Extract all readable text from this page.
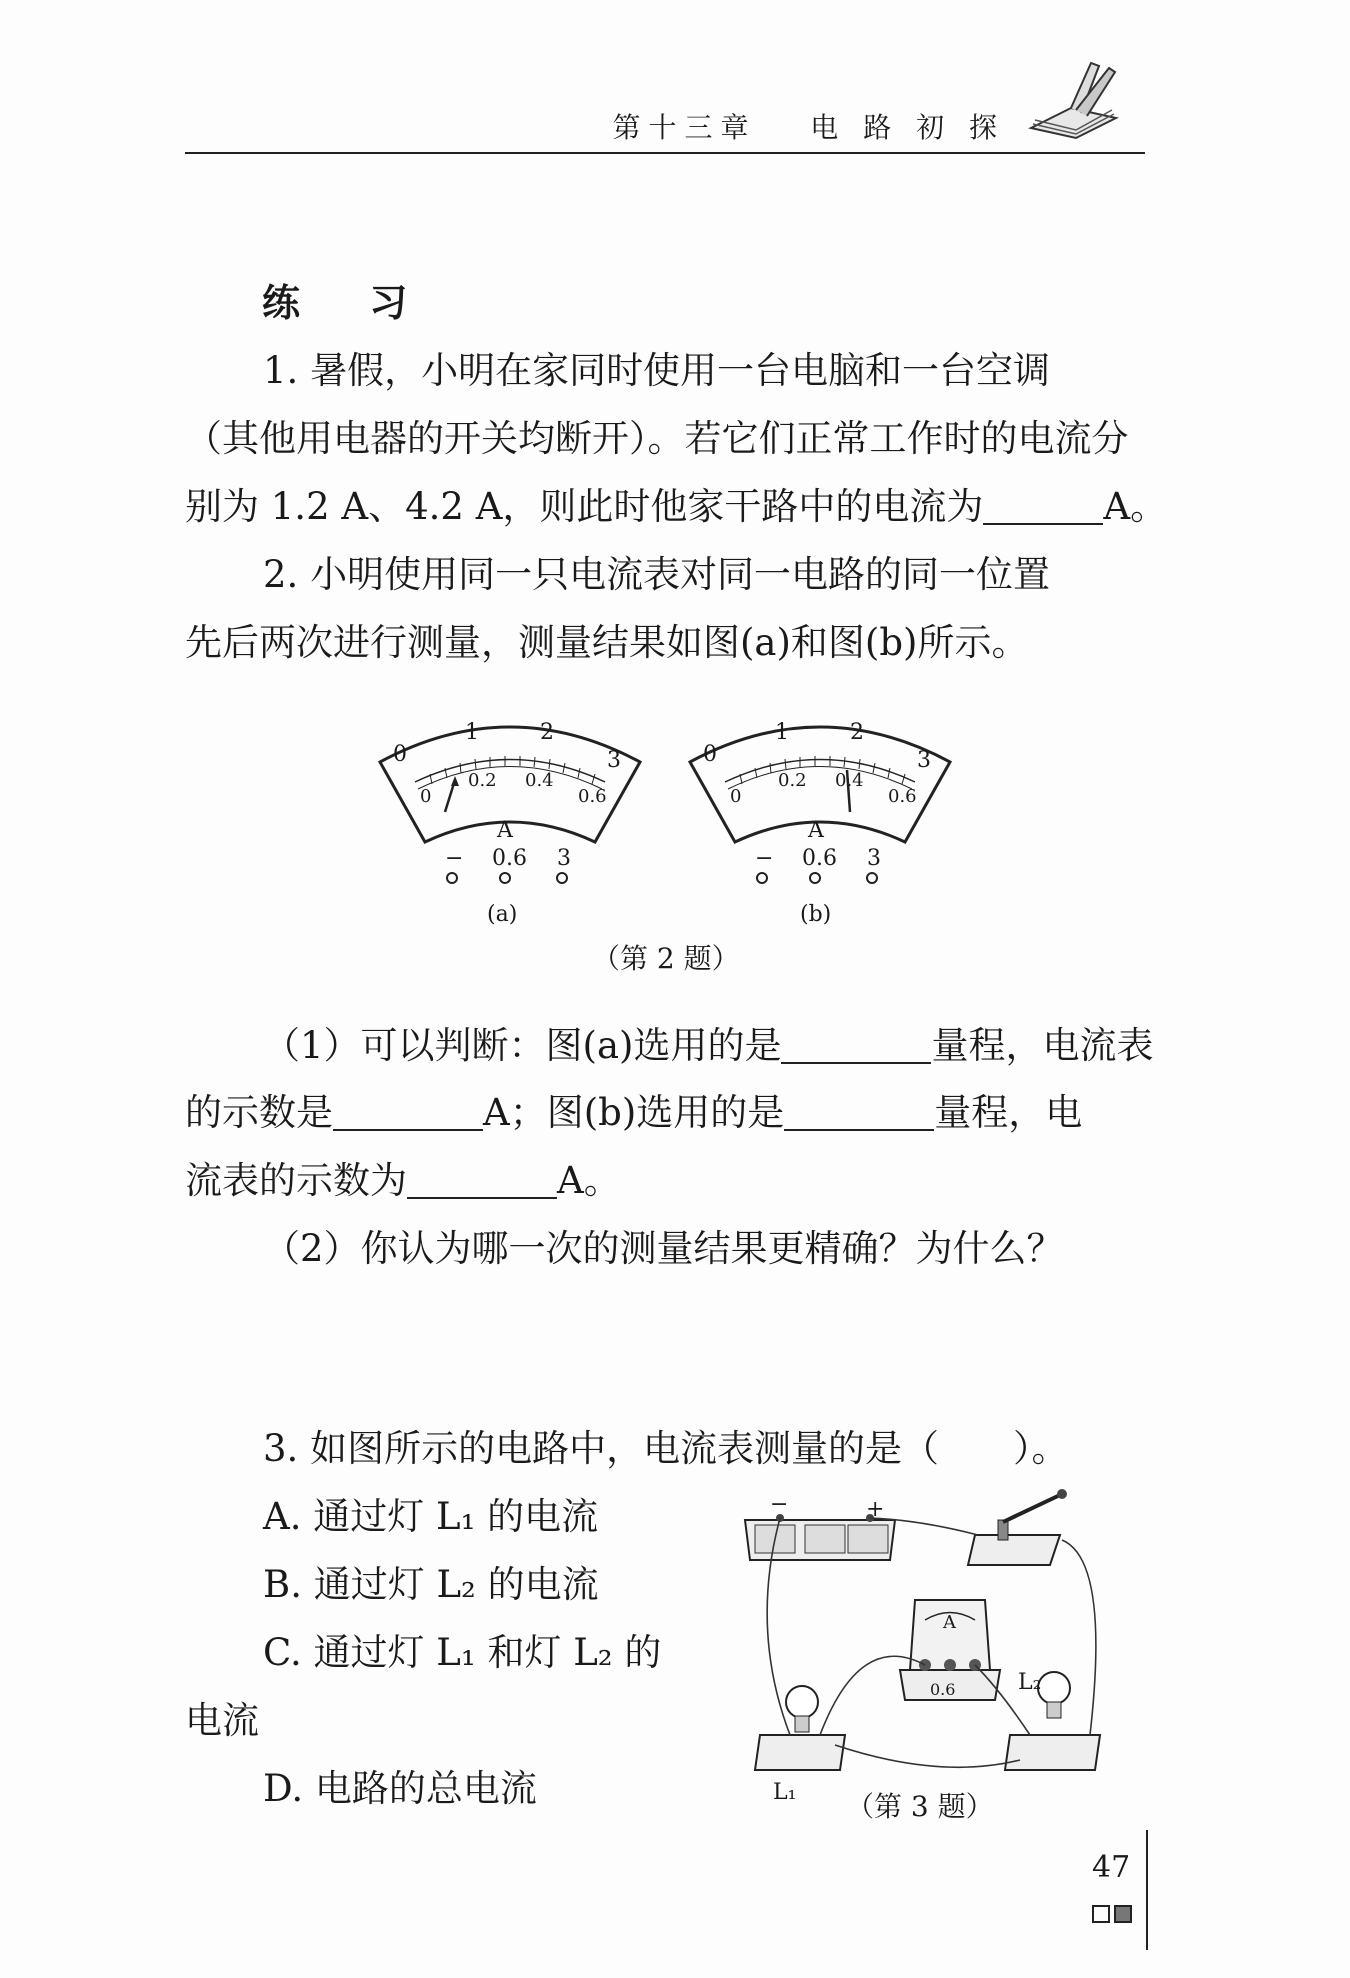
第十三章 电 路 初 探
练 习
1. 暑假，小明在家同时使用一台电脑和一台空调
（其他用电器的开关均断开）。若它们正常工作时的电流分
别为 1.2 A、4.2 A，则此时他家干路中的电流为	A。
2. 小明使用同一只电流表对同一电路的同一位置
先后两次进行测量，测量结果如图(a)和图(b)所示。
0
1	2
3
0
0.2 0.4
0.6
A
− 0.6 3
(a)
0
1	2
3
0
0.2 0.4
0.6
A
− 0.6 3
(b)
（第 2 题）
（1）可以判断：图(a)选用的是	量程，电流表
的示数是	A；图(b)选用的是	量程，电
流表的示数为	A。
（2）你认为哪一次的测量结果更精确？为什么？
3. 如图所示的电路中，电流表测量的是（　　）。
A. 通过灯 L₁ 的电流
B. 通过灯 L₂ 的电流
C. 通过灯 L₁ 和灯 L₂ 的
电流
D. 电路的总电流
−	+
A
0.6
L₁
L₂
（第 3 题）
47
